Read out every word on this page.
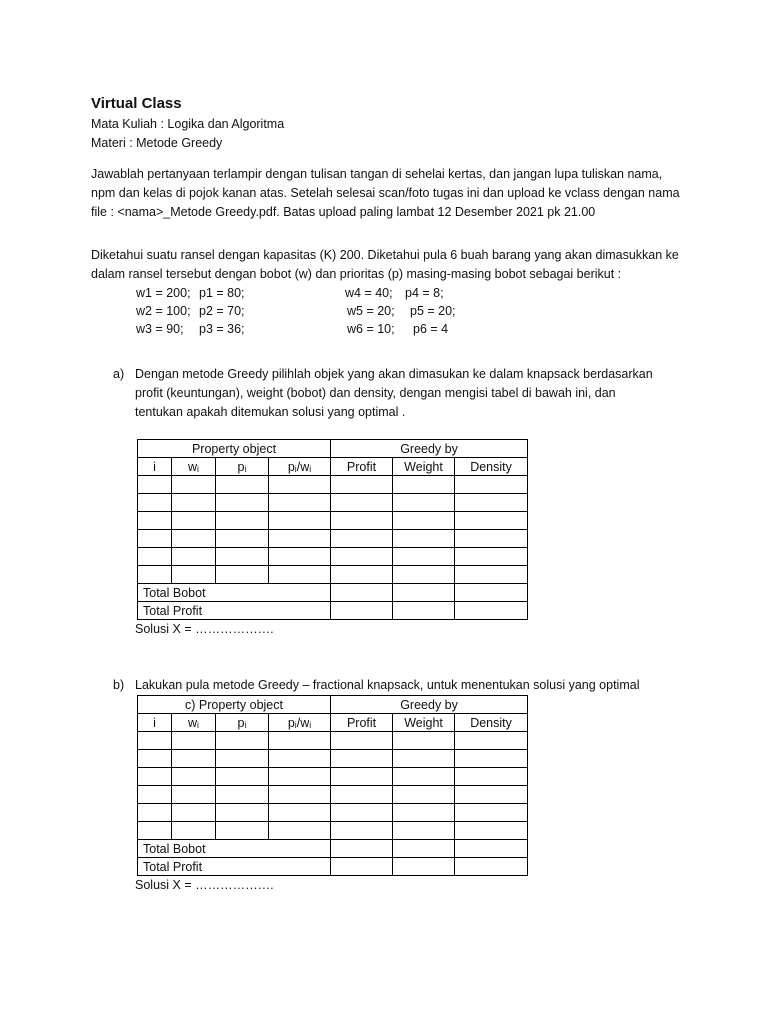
Virtual Class
Mata Kuliah : Logika dan Algoritma
Materi : Metode Greedy
Jawablah pertanyaan terlampir dengan tulisan tangan di sehelai kertas, dan jangan lupa tuliskan nama,
npm dan kelas di pojok kanan atas. Setelah selesai scan/foto tugas ini dan upload ke vclass dengan nama
file : <nama>_Metode Greedy.pdf. Batas upload paling lambat 12 Desember 2021 pk 21.00
Diketahui suatu ransel dengan kapasitas (K) 200. Diketahui pula 6 buah barang yang akan dimasukkan ke
dalam ransel tersebut dengan bobot (w) dan prioritas (p) masing-masing bobot sebagai berikut :
w1 = 200; p1 = 80;
w2 = 100; p2 = 70;
w3 = 90; p3 = 36;
w4 = 40; p4 = 8;
w5 = 20; p5 = 20;
w6 = 10; p6 = 4
a) Dengan metode Greedy pilihlah objek yang akan dimasukan ke dalam knapsack berdasarkan
profit (keuntungan), weight (bobot) dan density, dengan mengisi tabel di bawah ini, dan
tentukan apakah ditemukan solusi yang optimal .
Property object				Greedy by		
i	wᵢ	pᵢ	pᵢ/wᵢ	Profit	Weight	Density

Total Bobot						
Total Profit						
Solusi X = ……………….
b) Lakukan pula metode Greedy – fractional knapsack, untuk menentukan solusi yang optimal
c) Property object				Greedy by		
i	wᵢ	pᵢ	pᵢ/wᵢ	Profit	Weight	Density

Total Bobot						
Total Profit						
Solusi X = ……………….
